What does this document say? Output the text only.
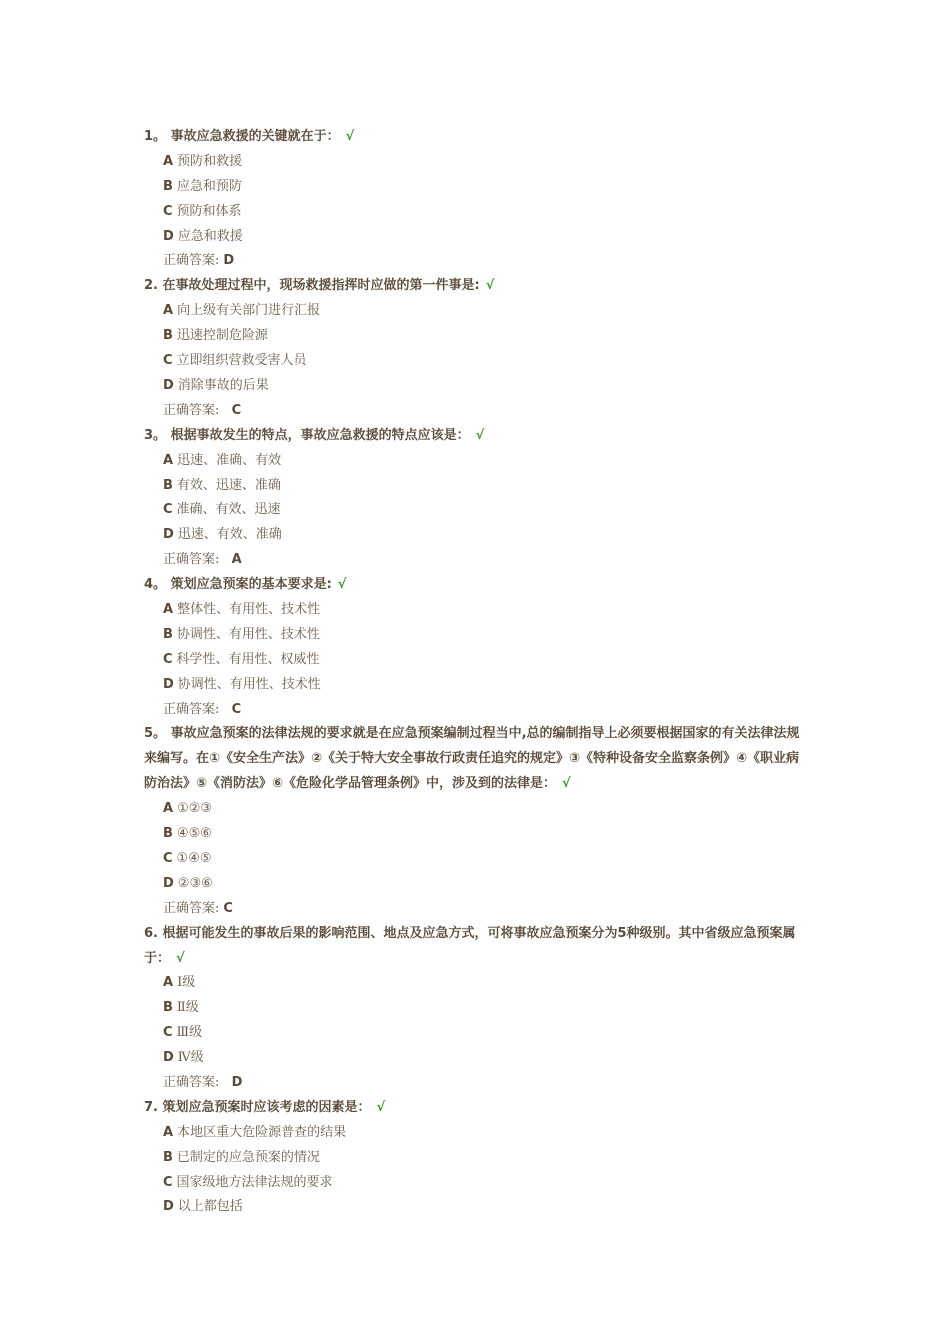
1。 事故应急救援的关键就在于： √
A 预防和救援
B 应急和预防
C 预防和体系
D 应急和救援
正确答案: D
2. 在事故处理过程中，现场救援指挥时应做的第一件事是: √
A 向上级有关部门进行汇报
B 迅速控制危险源
C 立即组织营救受害人员
D 消除事故的后果
正确答案: C
3。 根据事故发生的特点，事故应急救援的特点应该是： √
A 迅速、准确、有效
B 有效、迅速、准确
C 准确、有效、迅速
D 迅速、有效、准确
正确答案: A
4。 策划应急预案的基本要求是: √
A 整体性、有用性、技术性
B 协调性、有用性、技术性
C 科学性、有用性、权威性
D 协调性、有用性、技术性
正确答案: C
5。 事故应急预案的法律法规的要求就是在应急预案编制过程当中,总的编制指导上必须要根据国家的有关法律法规来编写。在①《安全生产法》②《关于特大安全事故行政责任追究的规定》③《特种设备安全监察条例》④《职业病防治法》⑤《消防法》⑥《危险化学品管理条例》中，涉及到的法律是： √
A ①②③
B ④⑤⑥
C ①④⑤
D ②③⑥
正确答案: C
6. 根据可能发生的事故后果的影响范围、地点及应急方式，可将事故应急预案分为5种级别。其中省级应急预案属于： √
A Ⅰ级
B Ⅱ级
C Ⅲ级
D Ⅳ级
正确答案: D
7. 策划应急预案时应该考虑的因素是： √
A 本地区重大危险源普查的结果
B 已制定的应急预案的情况
C 国家级地方法律法规的要求
D 以上都包括
